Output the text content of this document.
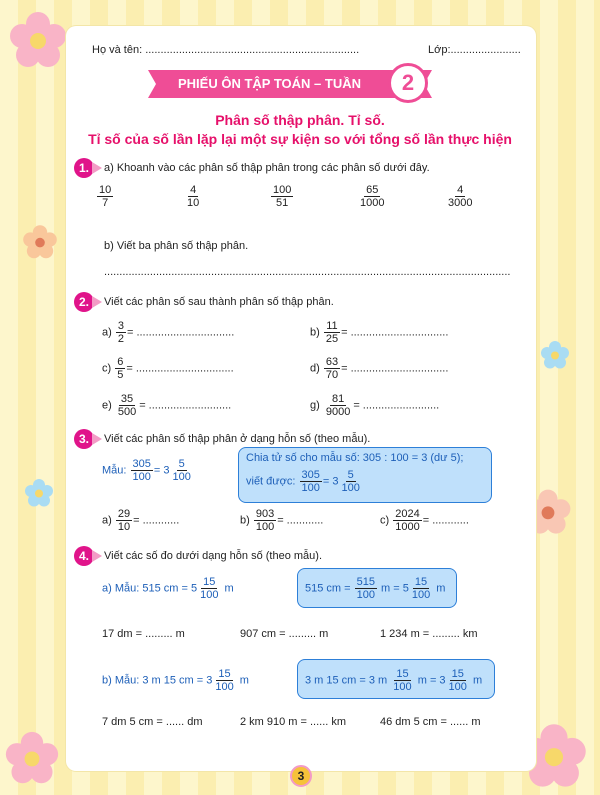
Họ và tên: ......................................................................	Lớp:.......................
PHIẾU ÔN TẬP TOÁN – TUẦN	2
Phân số thập phân. Tỉ số.
Tỉ số của số lần lặp lại một sự kiện so với tổng số lần thực hiện
1.	a) Khoanh vào các phân số thập phân trong các phân số dưới đây.
$\frac{10}{7}$	$\frac{4}{10}$	$\frac{100}{51}$	$\frac{65}{1000}$	$\frac{4}{3000}$
b) Viết ba phân số thập phân.
.....................................................................................................................................
2.	Viết các phân số sau thành phân số thập phân.
$a) \frac{3}{2}$ = ................................	$b) \frac{11}{25}$ = ................................
$c) \frac{6}{5}$ = ................................	$d) \frac{63}{70}$ = ................................
$e) \frac{35}{500}$ = ...........................	$g) \frac{81}{9000}$ = .........................
3.	Viết các phân số thập phân ở dạng hỗn số (theo mẫu).
Mẫu: $\frac{305}{100} = 3 \frac{5}{100}$	Chia tử số cho mẫu số: 305 : 100 = 3 (dư 5);
viết được: $\frac{305}{100} = 3 \frac{5}{100}$
$a) \frac{29}{10}$ = ............	$b) \frac{903}{100}$ = ............	$c) \frac{2024}{1000}$ = ............
4.	Viết các số đo dưới dạng hỗn số (theo mẫu).
a) Mẫu: 515 cm = $5 \frac{15}{100}$ m	515 cm = $\frac{515}{100}$ $m = 5 \frac{15}{100}$ m
17 dm = ......... m	907 cm = ......... m	1 234 m = ......... km
b) Mẫu: 3 m 15 cm = $3 \frac{15}{100}$ m	3 m 15 cm = 3 m $\frac{15}{100}$ $m = 3 \frac{15}{100}$ m
7 dm 5 cm = ...... dm	2 km 910 m = ...... km	46 dm 5 cm = ...... m
3
